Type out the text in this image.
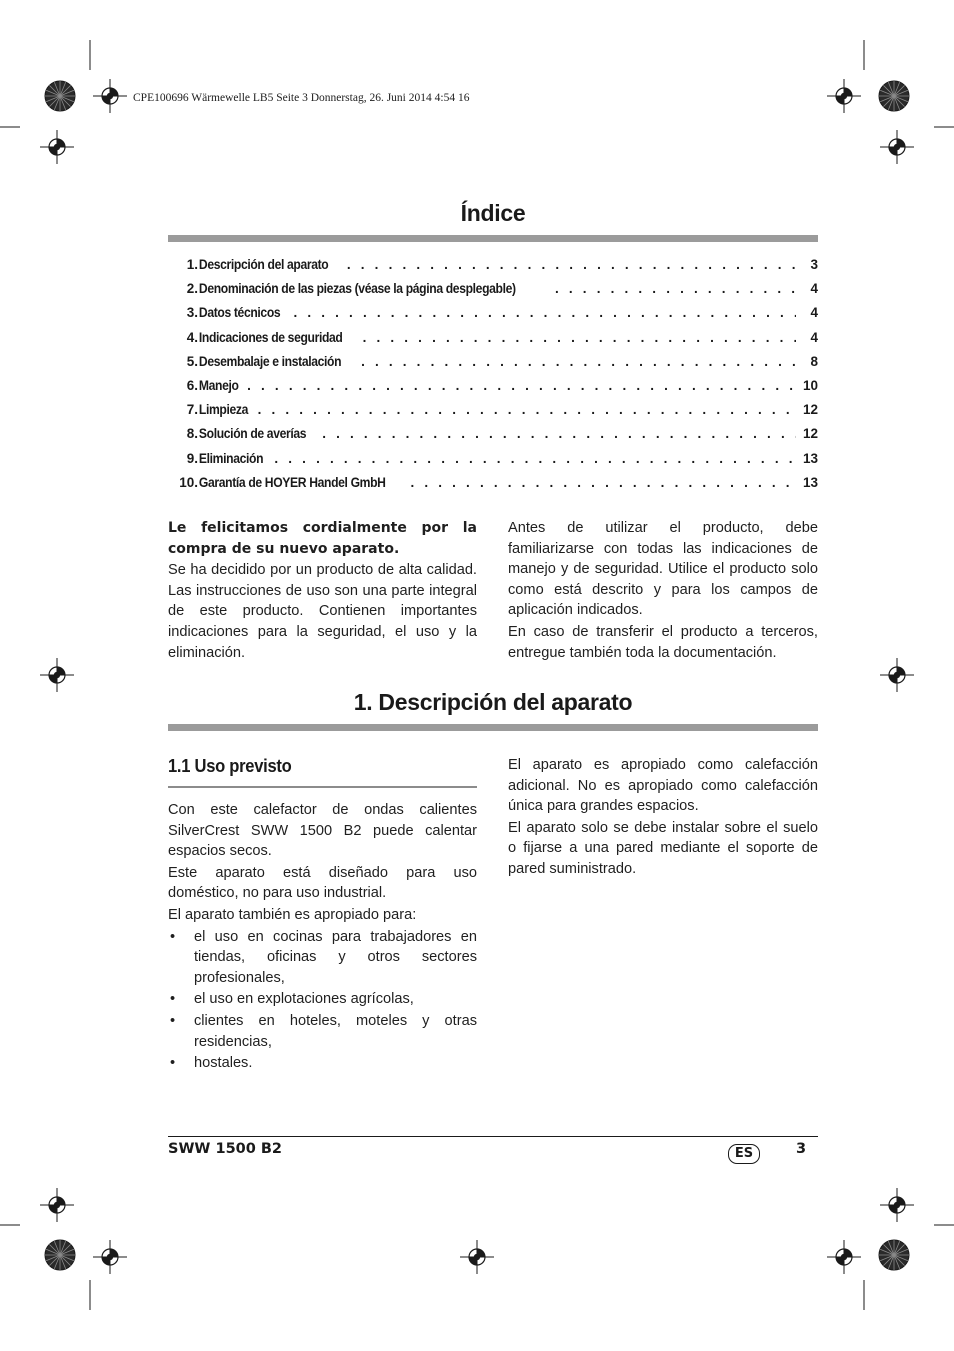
CPE100696 Wärmewelle LB5 Seite 3 Donnerstag, 26. Juni 2014 4:54 16
Índice
1. Descripción del aparato . . .	3
2. Denominación de las piezas (véase la página desplegable) . . .	4
3. Datos técnicos . . .	4
4. Indicaciones de seguridad . . .	4
5. Desembalaje e instalación . . .	8
6. Manejo . . .	10
7. Limpieza . . .	12
8. Solución de averías . . .	12
9. Eliminación . . .	13
10. Garantía de HOYER Handel GmbH . . .	13

Le felicitamos cordialmente por la compra de su nuevo aparato.

Se ha decidido por un producto de alta calidad. Las instrucciones de uso son una parte integral de este producto. Contienen importantes indicaciones para la seguridad, el uso y la eliminación.

Antes de utilizar el producto, debe familiarizarse con todas las indicaciones de manejo y de seguridad. Utilice el producto solo como está descrito y para los campos de aplicación indicados.

En caso de transferir el producto a terceros, entregue también toda la documentación.

1. Descripción del aparato
1.1 Uso previsto

Con este calefactor de ondas calientes SilverCrest SWW 1500 B2 puede calentar espacios secos.

Este aparato está diseñado para uso doméstico, no para uso industrial.

El aparato también es apropiado para:

• el uso en cocinas para trabajadores en tiendas, oficinas y otros sectores profesionales,
• el uso en explotaciones agrícolas,
• clientes en hoteles, moteles y otras residencias,
• hostales.

El aparato es apropiado como calefacción adicional. No es apropiado como calefacción única para grandes espacios.

El aparato solo se debe instalar sobre el suelo o fijarse a una pared mediante el soporte de pared suministrado.

SWW 1500 B2	ES	3
